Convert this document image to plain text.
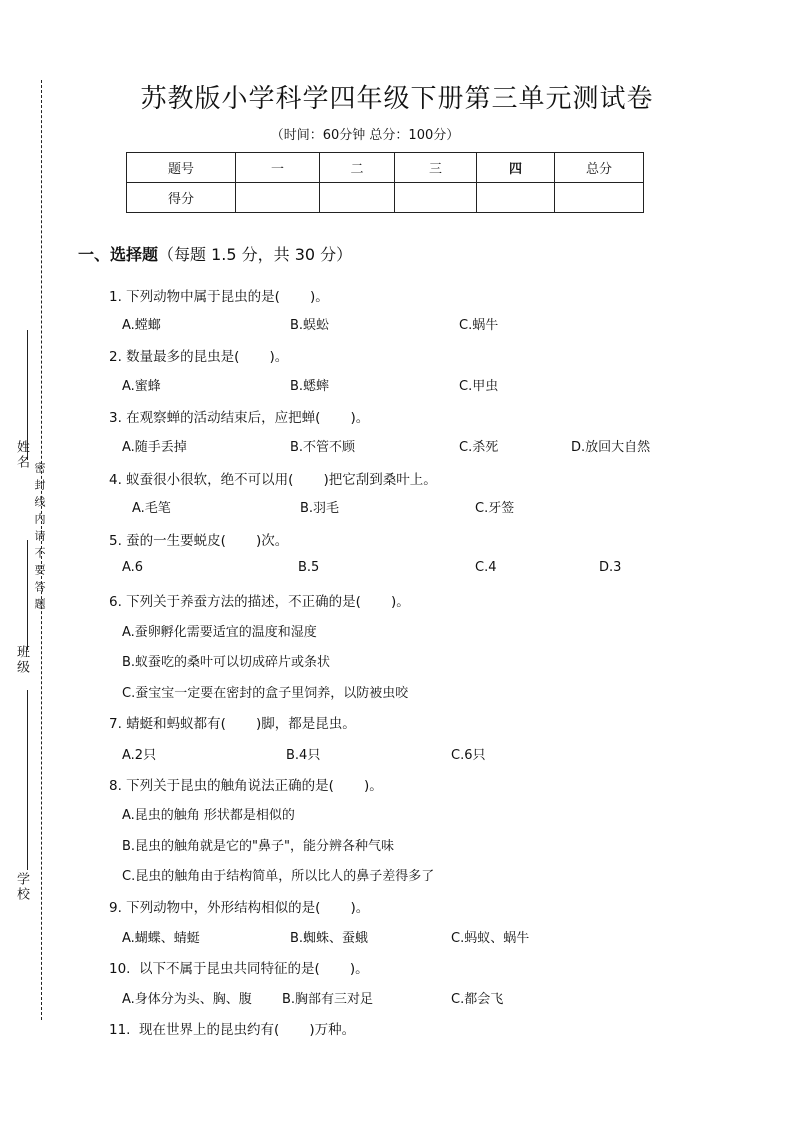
姓名
密封线内请不要答题
班级
学校
苏教版小学科学四年级下册第三单元测试卷
（时间：60分钟 总分：100分）
题号	一	二	三	四	总分
得分					
一、选择题（每题 1.5 分，共 30 分）
1. 下列动物中属于昆虫的是(       )。
A.螳螂	B.蜈蚣	C.蜗牛
2. 数量最多的昆虫是(       )。
A.蜜蜂	B.蟋蟀	C.甲虫
3. 在观察蝉的活动结束后，应把蝉(       )。
A.随手丢掉	B.不管不顾	C.杀死	D.放回大自然
4. 蚁蚕很小很软，绝不可以用(       )把它刮到桑叶上。
A.毛笔	B.羽毛	C.牙签
5. 蚕的一生要蜕皮(       )次。
A.6	B.5	C.4	D.3
6. 下列关于养蚕方法的描述，不正确的是(       )。
A.蚕卵孵化需要适宜的温度和湿度
B.蚁蚕吃的桑叶可以切成碎片或条状
C.蚕宝宝一定要在密封的盒子里饲养，以防被虫咬
7. 蜻蜓和蚂蚁都有(       )脚，都是昆虫。
A.2只	B.4只	C.6只
8. 下列关于昆虫的触角说法正确的是(       )。
A.昆虫的触角 形状都是相似的
B.昆虫的触角就是它的"鼻子"，能分辨各种气味
C.昆虫的触角由于结构简单，所以比人的鼻子差得多了
9. 下列动物中，外形结构相似的是(       )。
A.蝴蝶、蜻蜓	B.蜘蛛、蚕蛾	C.蚂蚁、蜗牛
10.  以下不属于昆虫共同特征的是(       )。
A.身体分为头、胸、腹 B.胸部有三对足	C.都会飞
11.  现在世界上的昆虫约有(       )万种。
